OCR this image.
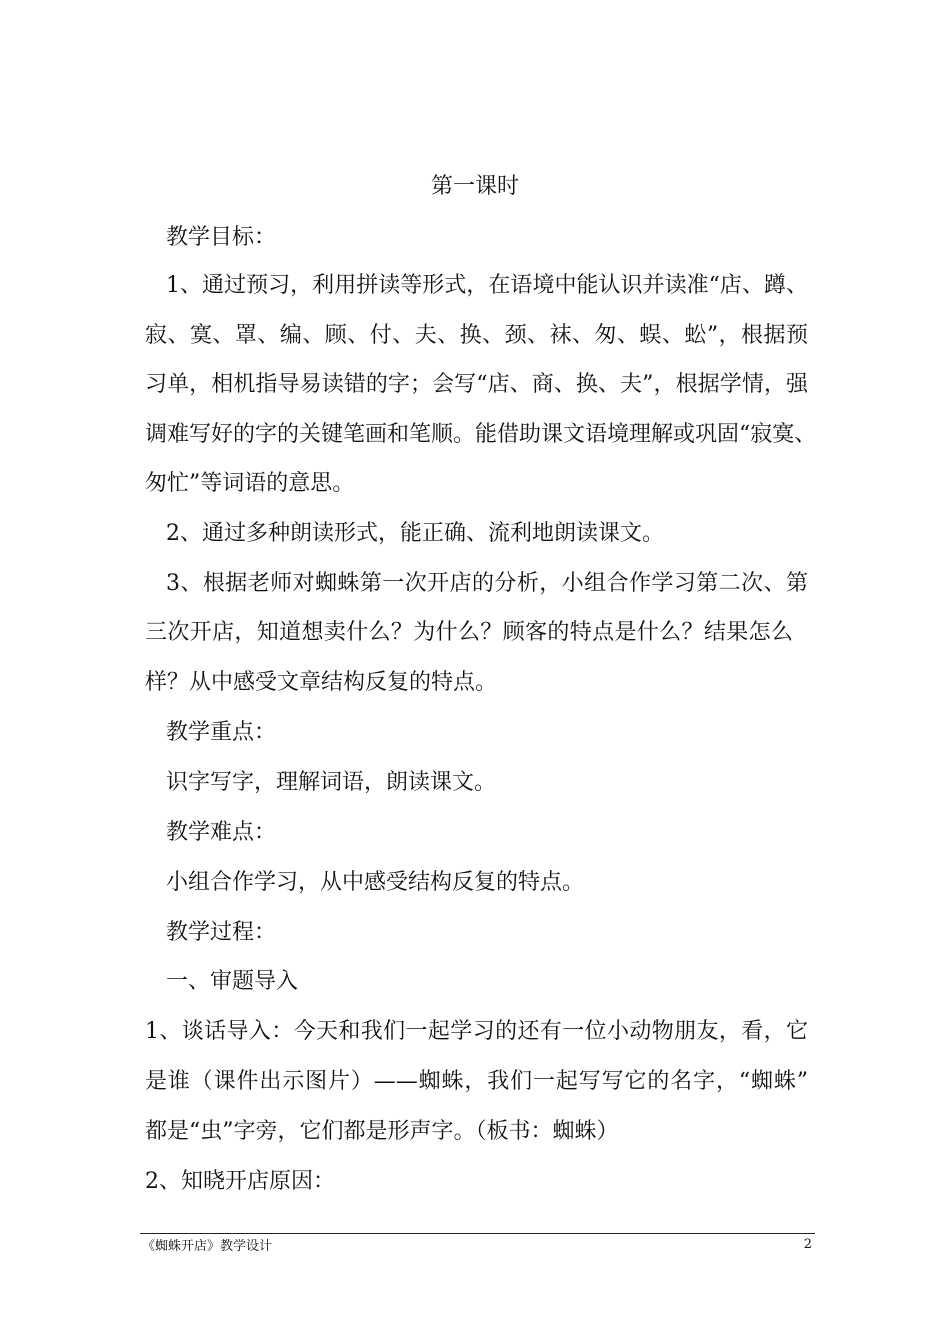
第一课时
教学目标：
1、通过预习，利用拼读等形式，在语境中能认识并读准“店、蹲、
寂、寞、罩、编、顾、付、夫、换、颈、袜、匆、蜈、蚣”，根据预
习单，相机指导易读错的字；会写“店、商、换、夫”，根据学情，强
调难写好的字的关键笔画和笔顺。能借助课文语境理解或巩固“寂寞、
匆忙”等词语的意思。
2、通过多种朗读形式，能正确、流利地朗读课文。
3、根据老师对蜘蛛第一次开店的分析，小组合作学习第二次、第
三次开店，知道想卖什么？为什么？顾客的特点是什么？结果怎么
样？从中感受文章结构反复的特点。
教学重点：
识字写字，理解词语，朗读课文。
教学难点：
小组合作学习，从中感受结构反复的特点。
教学过程：
一、审题导入
1、谈话导入：今天和我们一起学习的还有一位小动物朋友，看，它
是谁（课件出示图片）——蜘蛛，我们一起写写它的名字，“蜘蛛”
都是“虫”字旁，它们都是形声字。（板书：蜘蛛）
2、知晓开店原因：
《蜘蛛开店》教学设计	2
